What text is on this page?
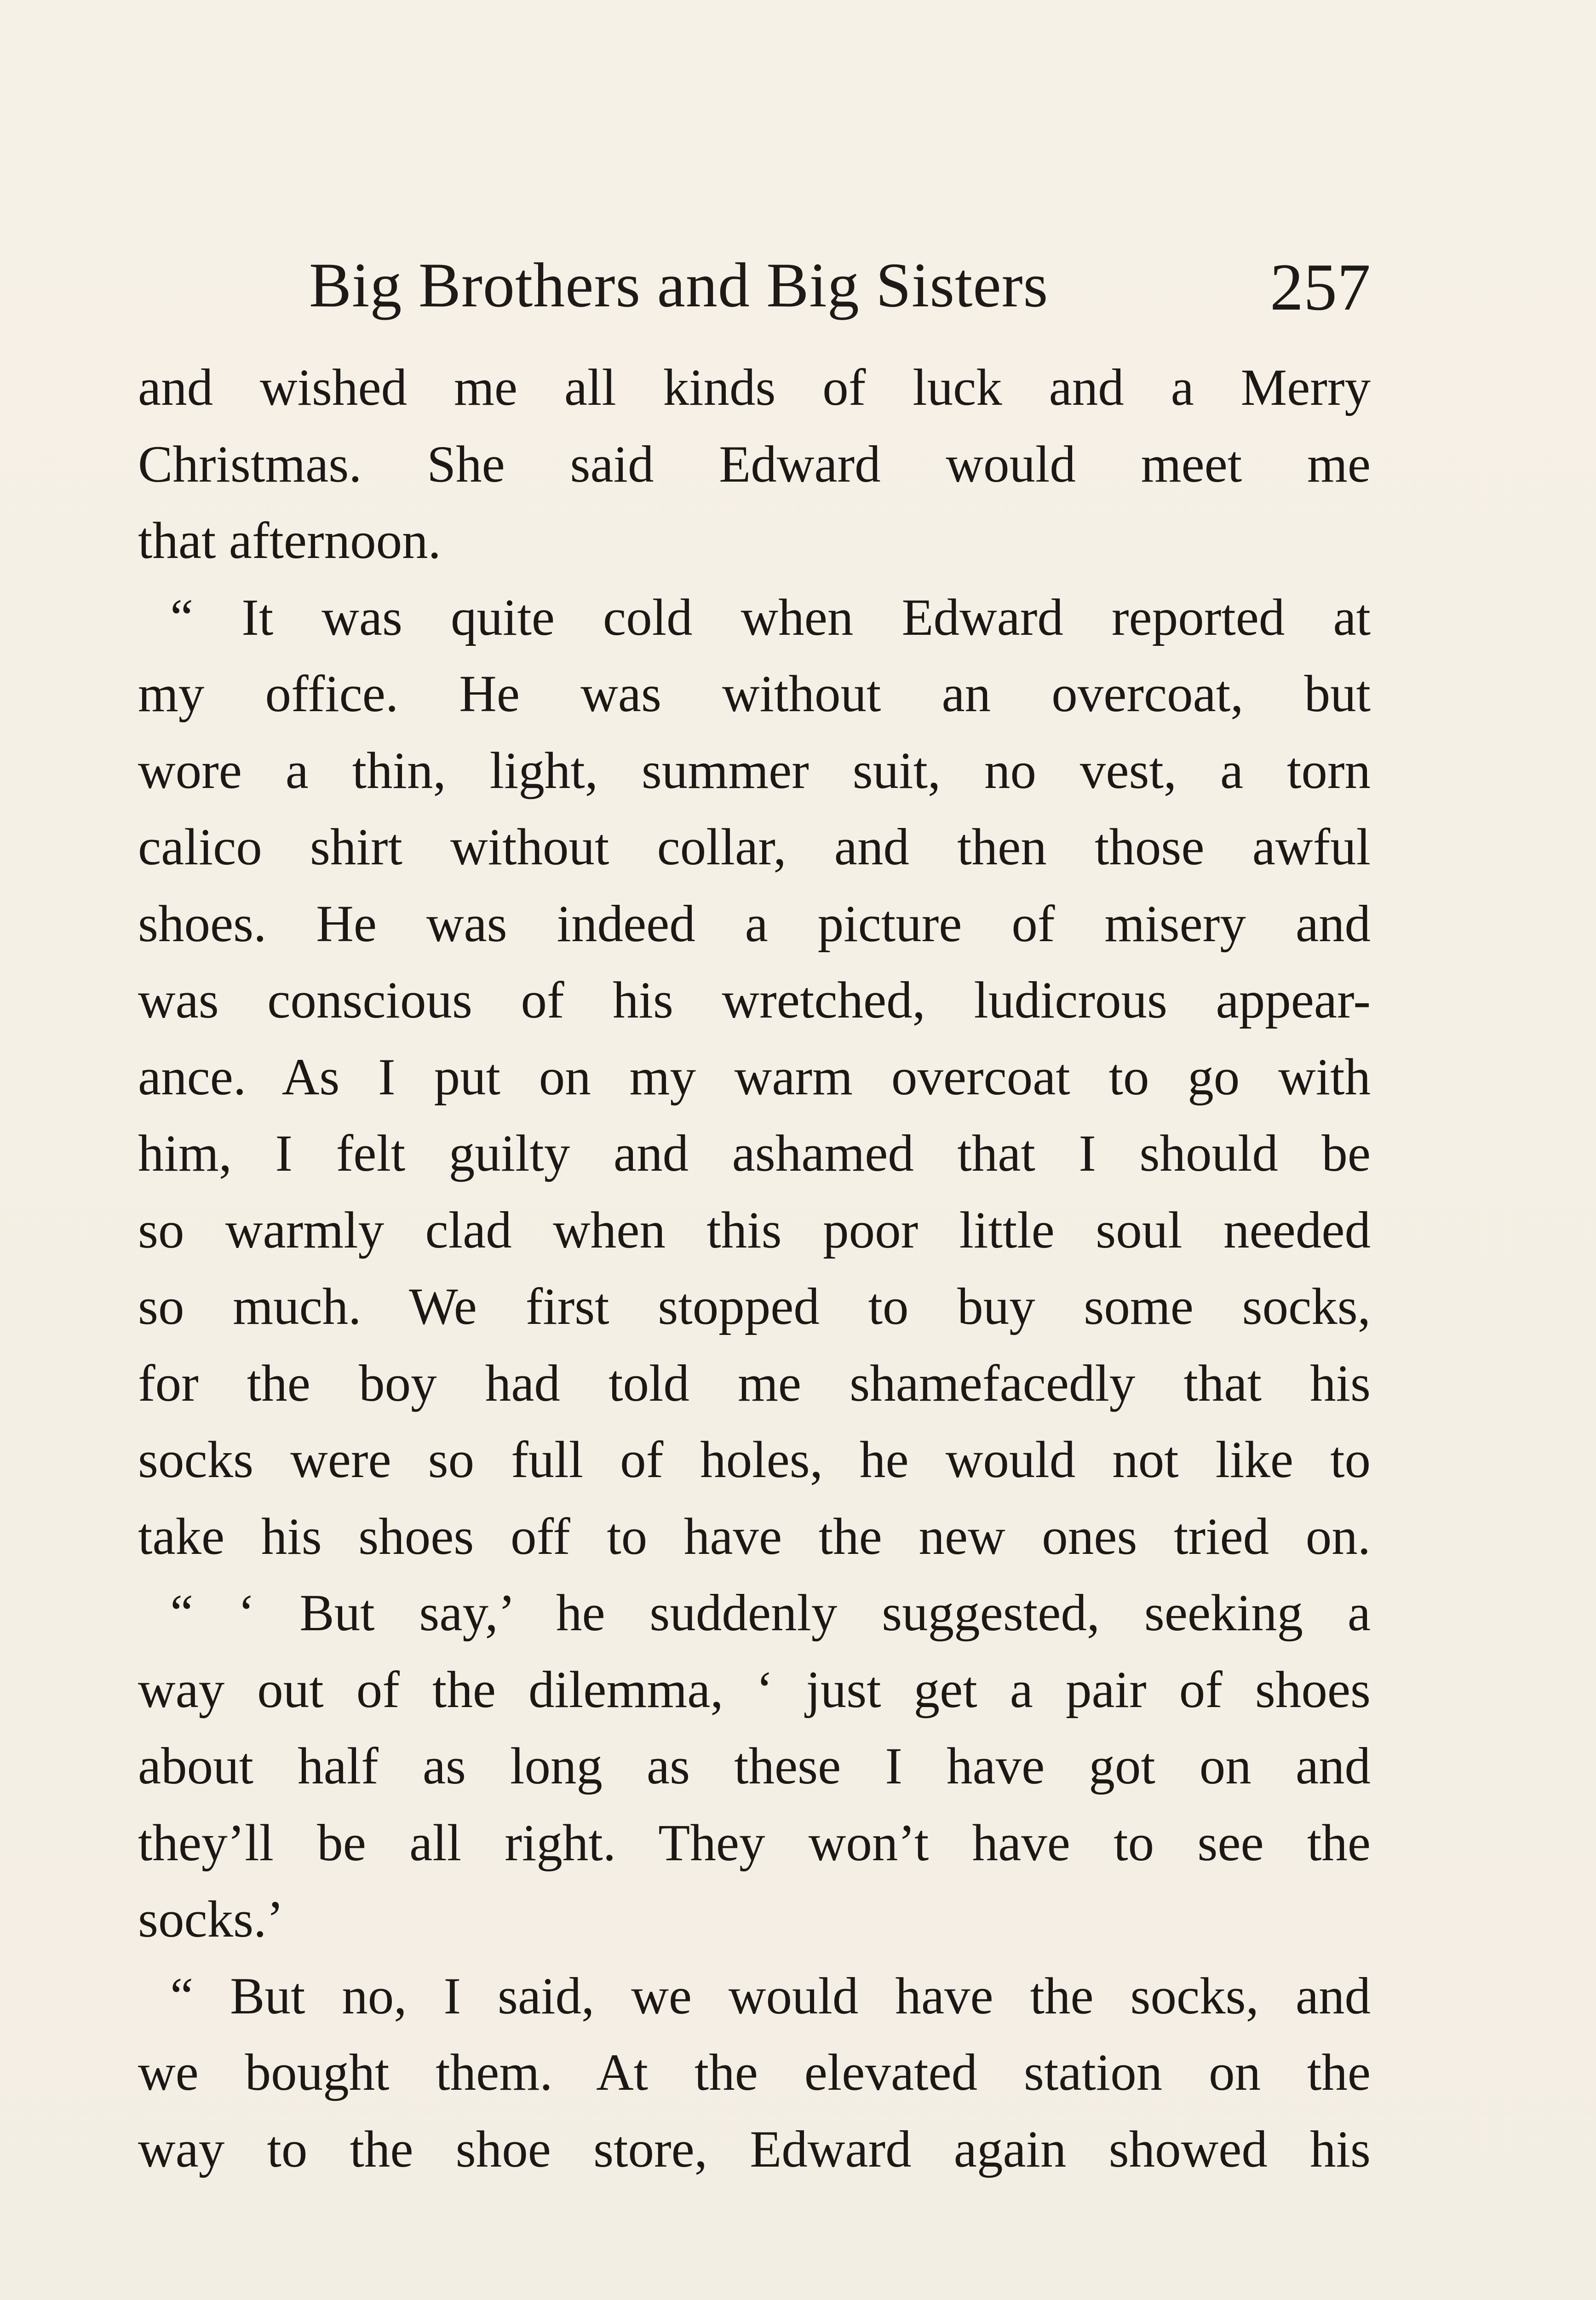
Big Brothers and Big Sisters	257
and wished me all kinds of luck and a Merry
Christmas. She said Edward would meet me
that afternoon.
“ It was quite cold when Edward reported at
my office. He was without an overcoat, but
wore a thin, light, summer suit, no vest, a torn
calico shirt without collar, and then those awful
shoes. He was indeed a picture of misery and
was conscious of his wretched, ludicrous appear-
ance. As I put on my warm overcoat to go with
him, I felt guilty and ashamed that I should be
so warmly clad when this poor little soul needed
so much. We first stopped to buy some socks,
for the boy had told me shamefacedly that his
socks were so full of holes, he would not like to
take his shoes off to have the new ones tried on.
“ ‘ But say,’ he suddenly suggested, seeking a
way out of the dilemma, ‘ just get a pair of shoes
about half as long as these I have got on and
they’ll be all right. They won’t have to see the
socks.’
“ But no, I said, we would have the socks, and
we bought them. At the elevated station on the
way to the shoe store, Edward again showed his
